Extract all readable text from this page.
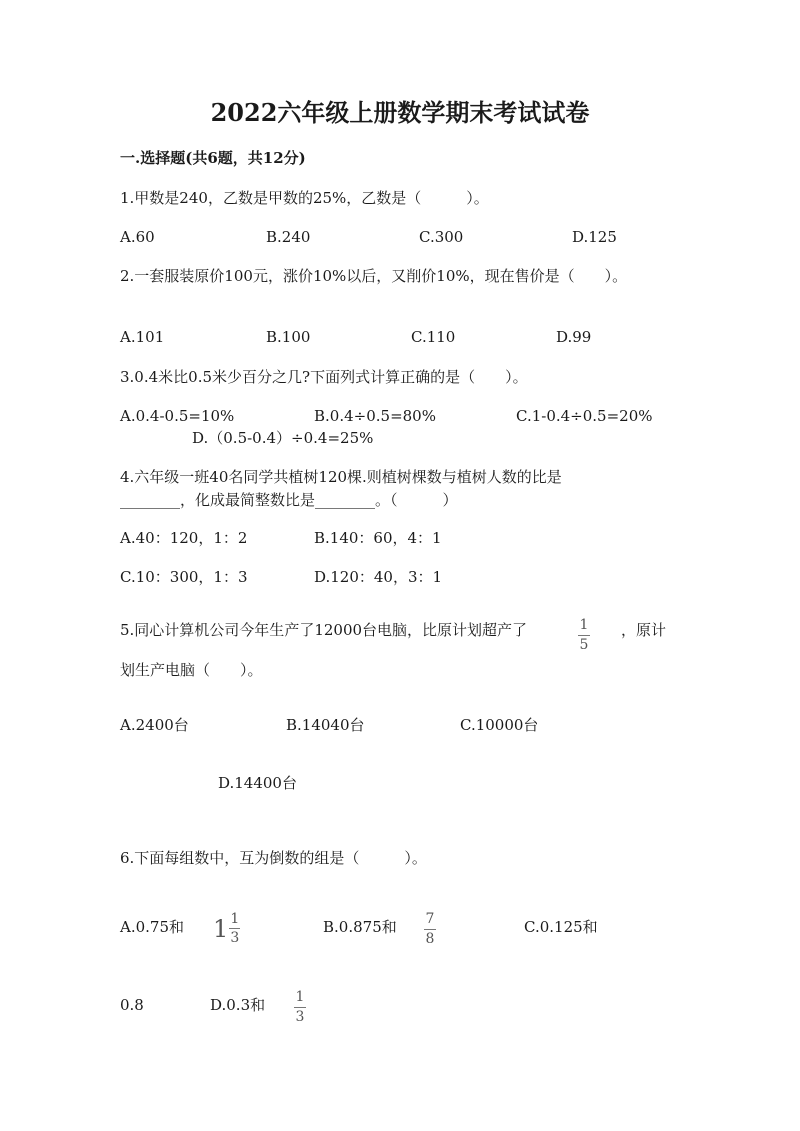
2022六年级上册数学期末考试试卷
一.选择题(共6题，共12分)
1.甲数是240，乙数是甲数的25%，乙数是（　　　）。
A.60	B.240	C.300	D.125
2.一套服装原价100元，涨价10%以后，又削价10%，现在售价是（　　）。
A.101	B.100	C.110	D.99
3.0.4米比0.5米少百分之几?下面列式计算正确的是（　　）。
A.0.4-0.5=10%	B.0.4÷0.5=80%	C.1-0.4÷0.5=20%
D.（0.5-0.4）÷0.4=25%
4.六年级一班40名同学共植树120棵.则植树棵数与植树人数的比是
________，化成最简整数比是________。（　　　）
A.40：120，1：2	B.140：60，4：1
C.10：300，1：3	D.120：40，3：1
5.同心计算机公司今年生产了12000台电脑，比原计划超产了	1
5
，原计
划生产电脑（　　）。
A.2400台	B.14040台	C.10000台
D.14400台
6.下面每组数中，互为倒数的组是（　　　）。
A.0.75和 1 1
3
B.0.875和 7
8
C.0.125和
0.8	D.0.3和 1
3
